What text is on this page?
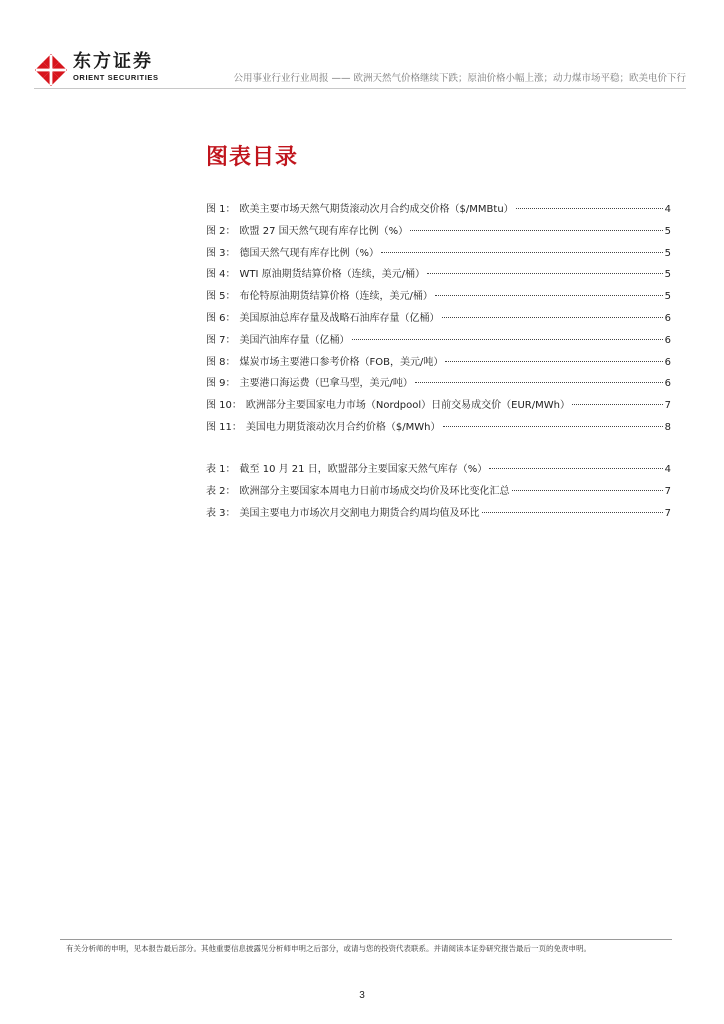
东方证券
ORIENT SECURITIES	公用事业行业行业周报 —— 欧洲天然气价格继续下跌；原油价格小幅上涨；动力煤市场平稳；欧美电价下行
图表目录
图 1： 欧美主要市场天然气期货滚动次月合约成交价格（$/MMBtu）	4
图 2： 欧盟 27 国天然气现有库存比例（%）	5
图 3： 德国天然气现有库存比例（%）	5
图 4： WTI 原油期货结算价格（连续，美元/桶）	5
图 5： 布伦特原油期货结算价格（连续，美元/桶）	5
图 6： 美国原油总库存量及战略石油库存量（亿桶）	6
图 7： 美国汽油库存量（亿桶）	6
图 8： 煤炭市场主要港口参考价格（FOB，美元/吨）	6
图 9： 主要港口海运费（巴拿马型，美元/吨）	6
图 10： 欧洲部分主要国家电力市场（Nordpool）日前交易成交价（EUR/MWh）	7
图 11： 美国电力期货滚动次月合约价格（$/MWh）	8
表 1： 截至 10 月 21 日，欧盟部分主要国家天然气库存（%）	4
表 2： 欧洲部分主要国家本周电力日前市场成交均价及环比变化汇总	7
表 3： 美国主要电力市场次月交割电力期货合约周均值及环比	7
有关分析师的申明，见本报告最后部分。其他重要信息披露见分析师申明之后部分，或请与您的投资代表联系。并请阅读本证券研究报告最后一页的免责申明。
3
